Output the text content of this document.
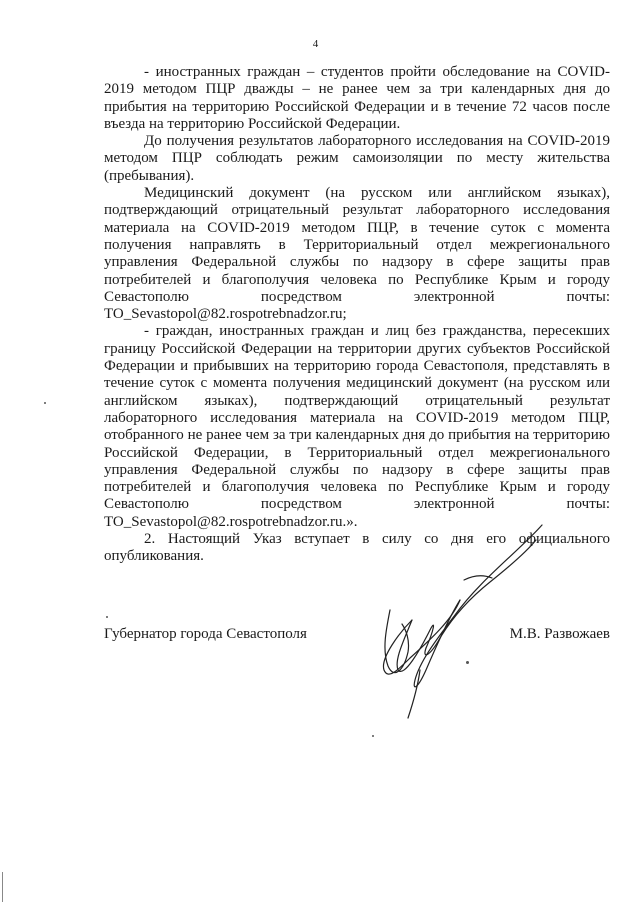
4

- иностранных граждан – студентов пройти обследование на COVID-2019 методом ПЦР дважды – не ранее чем за три календарных дня до прибытия на территорию Российской Федерации и в течение 72 часов после въезда на территорию Российской Федерации.

До получения результатов лабораторного исследования на COVID-2019 методом ПЦР соблюдать режим самоизоляции по месту жительства (пребывания).

Медицинский документ (на русском или английском языках), подтверждающий отрицательный результат лабораторного исследования материала на COVID-2019 методом ПЦР, в течение суток с момента получения направлять в Территориальный отдел межрегионального управления Федеральной службы по надзору в сфере защиты прав потребителей и благополучия человека по Республике Крым и городу Севастополю посредством электронной почты: TO_Sevastopol@82.rospotrebnadzor.ru;

- граждан, иностранных граждан и лиц без гражданства, пересекших границу Российской Федерации на территории других субъектов Российской Федерации и прибывших на территорию города Севастополя, представлять в течение суток с момента получения медицинский документ (на русском или английском языках), подтверждающий отрицательный результат лабораторного исследования материала на COVID-2019 методом ПЦР, отобранного не ранее чем за три календарных дня до прибытия на территорию Российской Федерации, в Территориальный отдел межрегионального управления Федеральной службы по надзору в сфере защиты прав потребителей и благополучия человека по Республике Крым и городу Севастополю посредством электронной почты: TO_Sevastopol@82.rospotrebnadzor.ru.».

2. Настоящий Указ вступает в силу со дня его официального опубликования.

Губернатор города Севастополя	М.В. Развожаев
